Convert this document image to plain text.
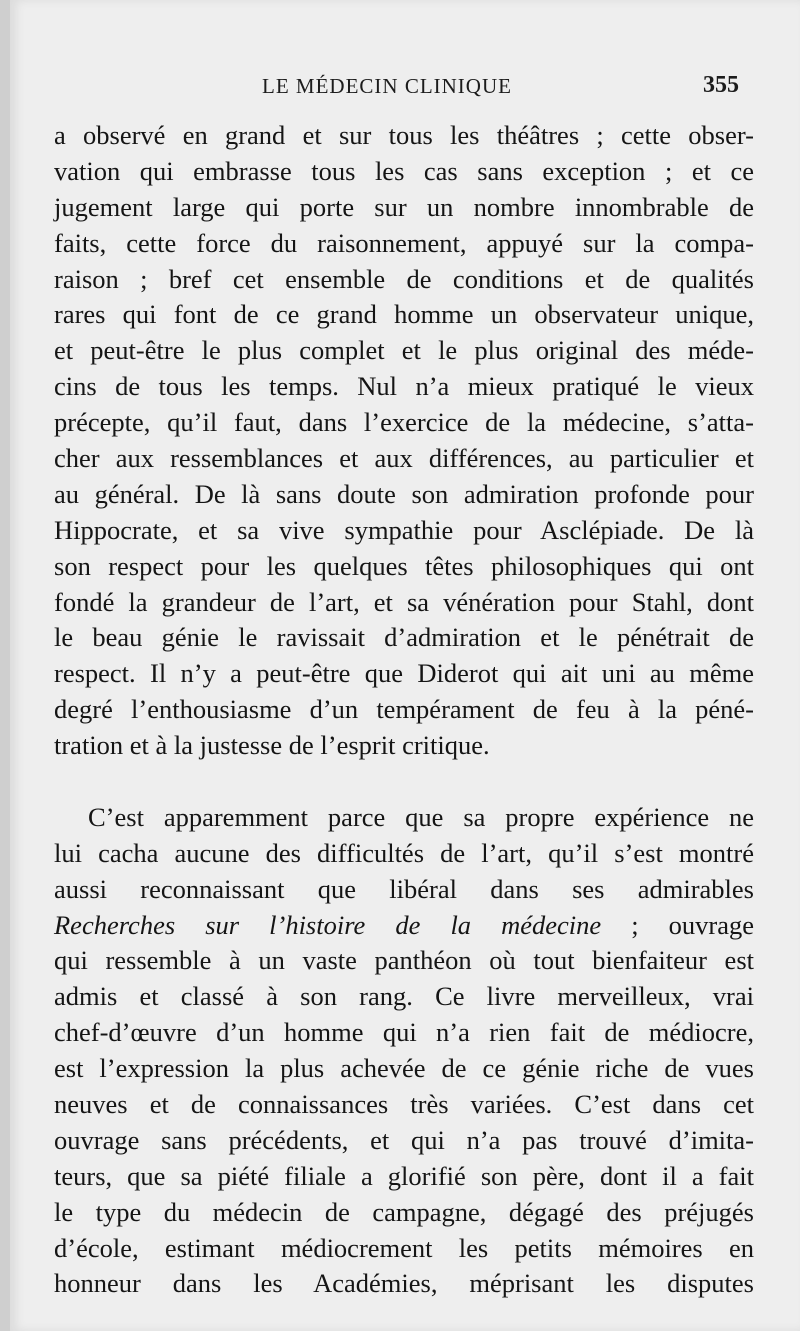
LE MÉDECIN CLINIQUE	355
a observé en grand et sur tous les théâtres ; cette obser-
vation qui embrasse tous les cas sans exception ; et ce
jugement large qui porte sur un nombre innombrable de
faits, cette force du raisonnement, appuyé sur la compa-
raison ; bref cet ensemble de conditions et de qualités
rares qui font de ce grand homme un observateur unique,
et peut-être le plus complet et le plus original des méde-
cins de tous les temps. Nul n’a mieux pratiqué le vieux
précepte, qu’il faut, dans l’exercice de la médecine, s’atta-
cher aux ressemblances et aux différences, au particulier et
au général. De là sans doute son admiration profonde pour
Hippocrate, et sa vive sympathie pour Asclépiade. De là
son respect pour les quelques têtes philosophiques qui ont
fondé la grandeur de l’art, et sa vénération pour Stahl, dont
le beau génie le ravissait d’admiration et le pénétrait de
respect. Il n’y a peut-être que Diderot qui ait uni au même
degré l’enthousiasme d’un tempérament de feu à la péné-
tration et à la justesse de l’esprit critique.
C’est apparemment parce que sa propre expérience ne
lui cacha aucune des difficultés de l’art, qu’il s’est montré
aussi reconnaissant que libéral dans ses admirables
Recherches sur l’histoire de la médecine ; ouvrage
qui ressemble à un vaste panthéon où tout bienfaiteur est
admis et classé à son rang. Ce livre merveilleux, vrai
chef-d’œuvre d’un homme qui n’a rien fait de médiocre,
est l’expression la plus achevée de ce génie riche de vues
neuves et de connaissances très variées. C’est dans cet
ouvrage sans précédents, et qui n’a pas trouvé d’imita-
teurs, que sa piété filiale a glorifié son père, dont il a fait
le type du médecin de campagne, dégagé des préjugés
d’école, estimant médiocrement les petits mémoires en
honneur dans les Académies, méprisant les disputes
